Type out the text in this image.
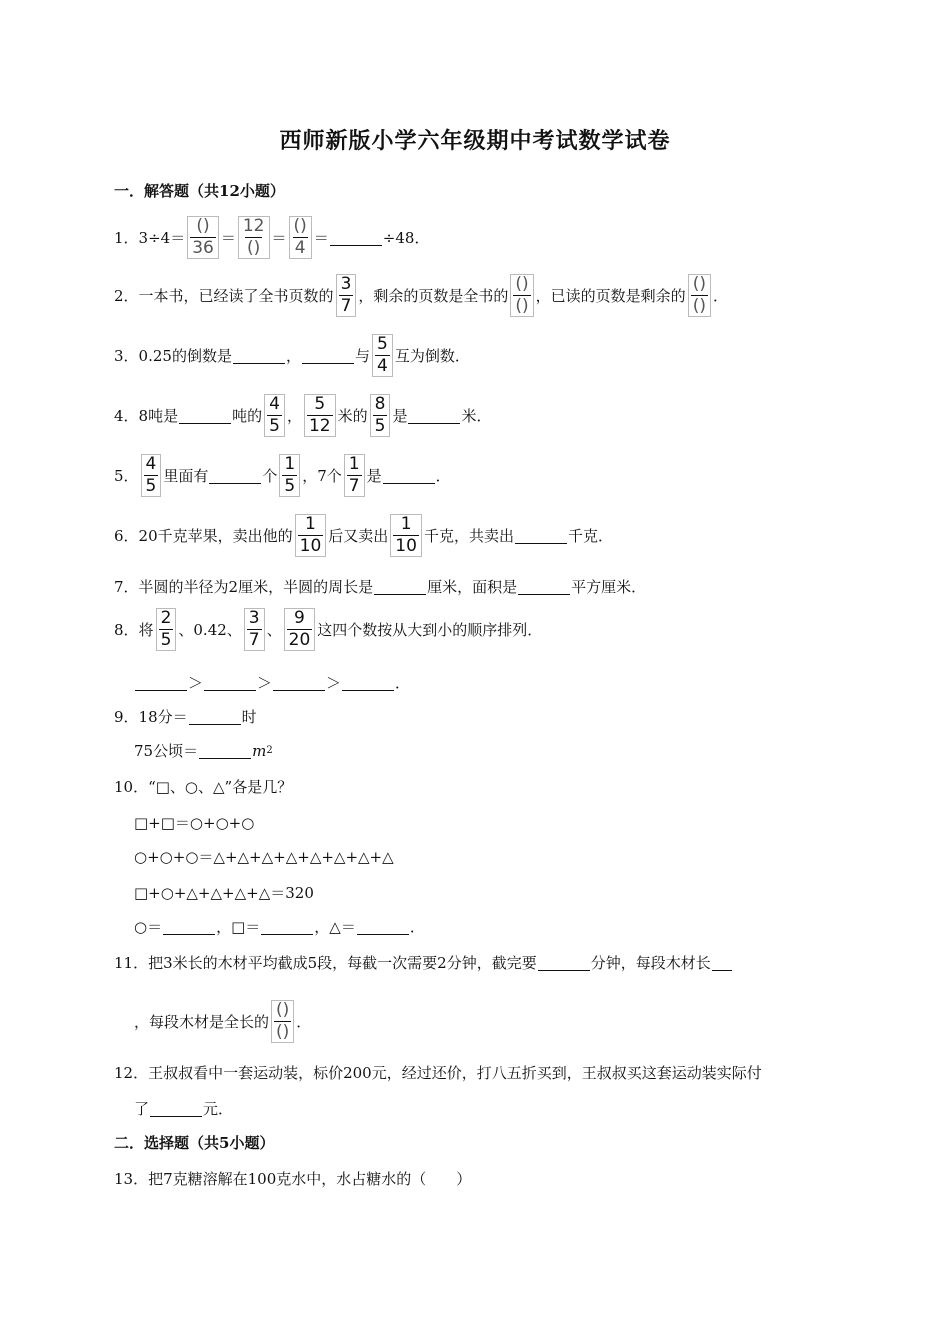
西师新版小学六年级期中考试数学试卷
一．解答题（共12小题）
1． $3\div 4= \frac{()}{36} = \frac{12}{()} = \frac{()}{4}$ ＝	÷48．
2． 一本书，已经读了全书页数的 $\frac{3}{7}$ ，剩余的页数是全书的 $\frac{()}{()}$ ，已读的页数是剩余的 $\frac{()}{()}$ ．
3． 0.25的倒数是	，	与 $\frac{5}{4}$ 互为倒数．
4． 8吨是	吨的 $\frac{4}{5}$ ， $\frac{5}{12}$ 米的 $\frac{8}{5}$ 是	米．
5． $\frac{4}{5}$ 里面有	个 $\frac{1}{5}$ ，7个 $\frac{1}{7}$ 是	．
6． 20千克苹果，卖出他的 $\frac{1}{10}$ 后又卖出 $\frac{1}{10}$ 千克，共卖出	千克．
7． 半圆的半径为2厘米，半圆的周长是	厘米，面积是	平方厘米．
8． 将 $\frac{2}{5}$ 、0.42、 $\frac{3}{7}$ 、 $\frac{9}{20}$ 这四个数按从大到小的顺序排列．
＞	＞	＞	．
9． 18分＝	时
75公顷＝	m 2
10． “□、○、△”各是几？
□+□＝○+○+○
○+○+○＝△+△+△+△+△+△+△+△
□+○+△+△+△+△＝320
○＝	，□＝	，△＝	．
11． 把3米长的木材平均截成5段，每截一次需要2分钟，截完要	分钟，每段木材长
，每段木材是全长的 $\frac{()}{()}$ ．
12． 王叔叔看中一套运动装，标价200元，经过还价，打八五折买到，王叔叔买这套运动装实际付
了	元．
二．选择题（共5小题）
13． 把7克糖溶解在100克水中，水占糖水的（　　）
